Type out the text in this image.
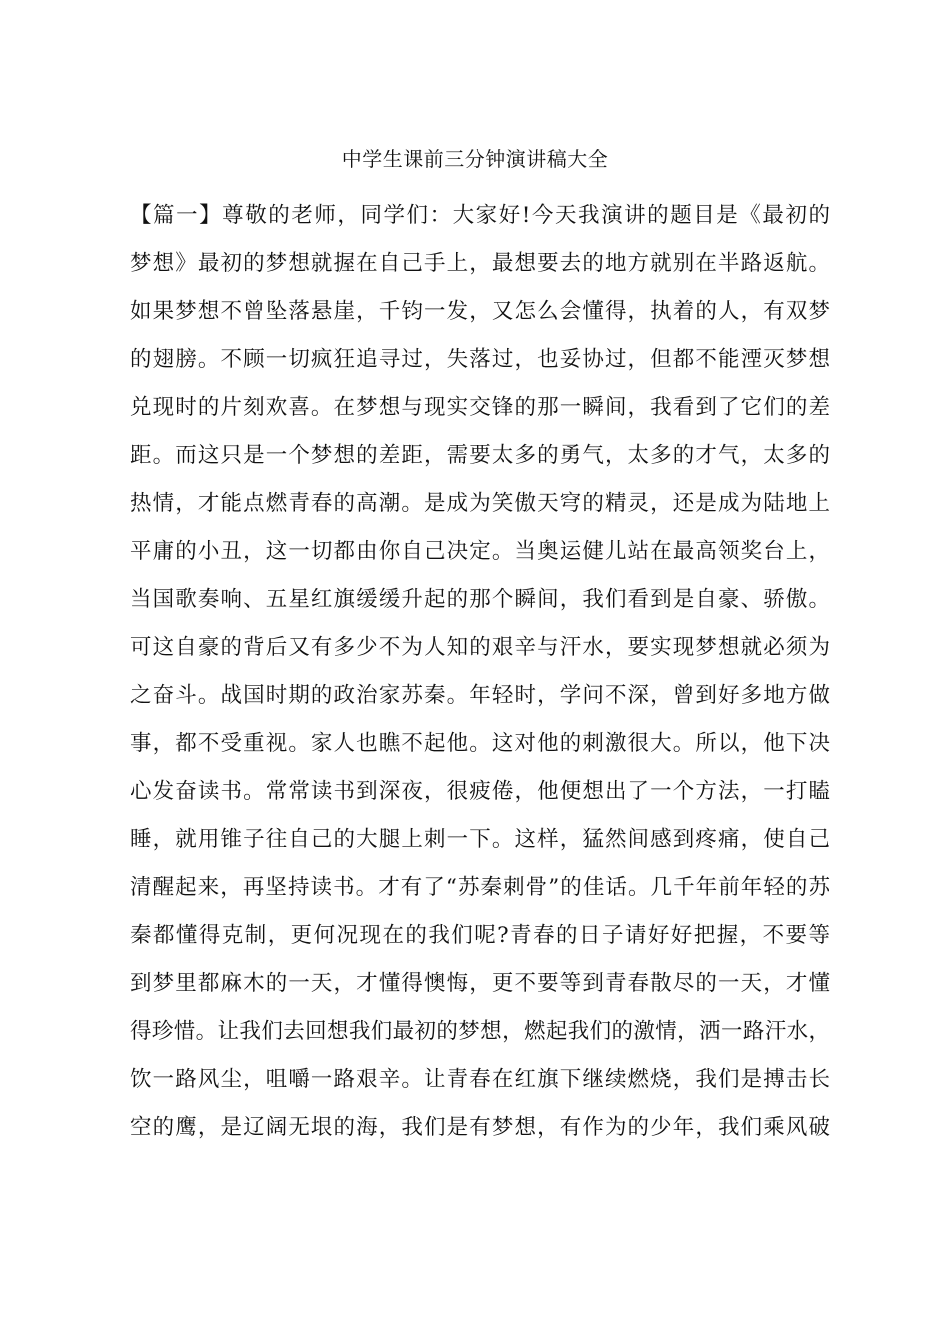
中学生课前三分钟演讲稿大全
【篇一】尊敬的老师，同学们：大家好!今天我演讲的题目是《最初的
梦想》最初的梦想就握在自己手上，最想要去的地方就别在半路返航。
如果梦想不曾坠落悬崖，千钧一发，又怎么会懂得，执着的人，有双梦
的翅膀。不顾一切疯狂追寻过，失落过，也妥协过，但都不能湮灭梦想
兑现时的片刻欢喜。在梦想与现实交锋的那一瞬间，我看到了它们的差
距。而这只是一个梦想的差距，需要太多的勇气，太多的才气，太多的
热情，才能点燃青春的高潮。是成为笑傲天穹的精灵，还是成为陆地上
平庸的小丑，这一切都由你自己决定。当奥运健儿站在最高领奖台上，
当国歌奏响、五星红旗缓缓升起的那个瞬间，我们看到是自豪、骄傲。
可这自豪的背后又有多少不为人知的艰辛与汗水，要实现梦想就必须为
之奋斗。战国时期的政治家苏秦。年轻时，学问不深，曾到好多地方做
事，都不受重视。家人也瞧不起他。这对他的刺激很大。所以，他下决
心发奋读书。常常读书到深夜，很疲倦，他便想出了一个方法，一打瞌
睡，就用锥子往自己的大腿上刺一下。这样，猛然间感到疼痛，使自己
清醒起来，再坚持读书。才有了“苏秦刺骨”的佳话。几千年前年轻的苏
秦都懂得克制，更何况现在的我们呢?青春的日子请好好把握，不要等
到梦里都麻木的一天，才懂得懊悔，更不要等到青春散尽的一天，才懂
得珍惜。让我们去回想我们最初的梦想，燃起我们的激情，洒一路汗水，
饮一路风尘，咀嚼一路艰辛。让青春在红旗下继续燃烧，我们是搏击长
空的鹰，是辽阔无垠的海，我们是有梦想，有作为的少年，我们乘风破
